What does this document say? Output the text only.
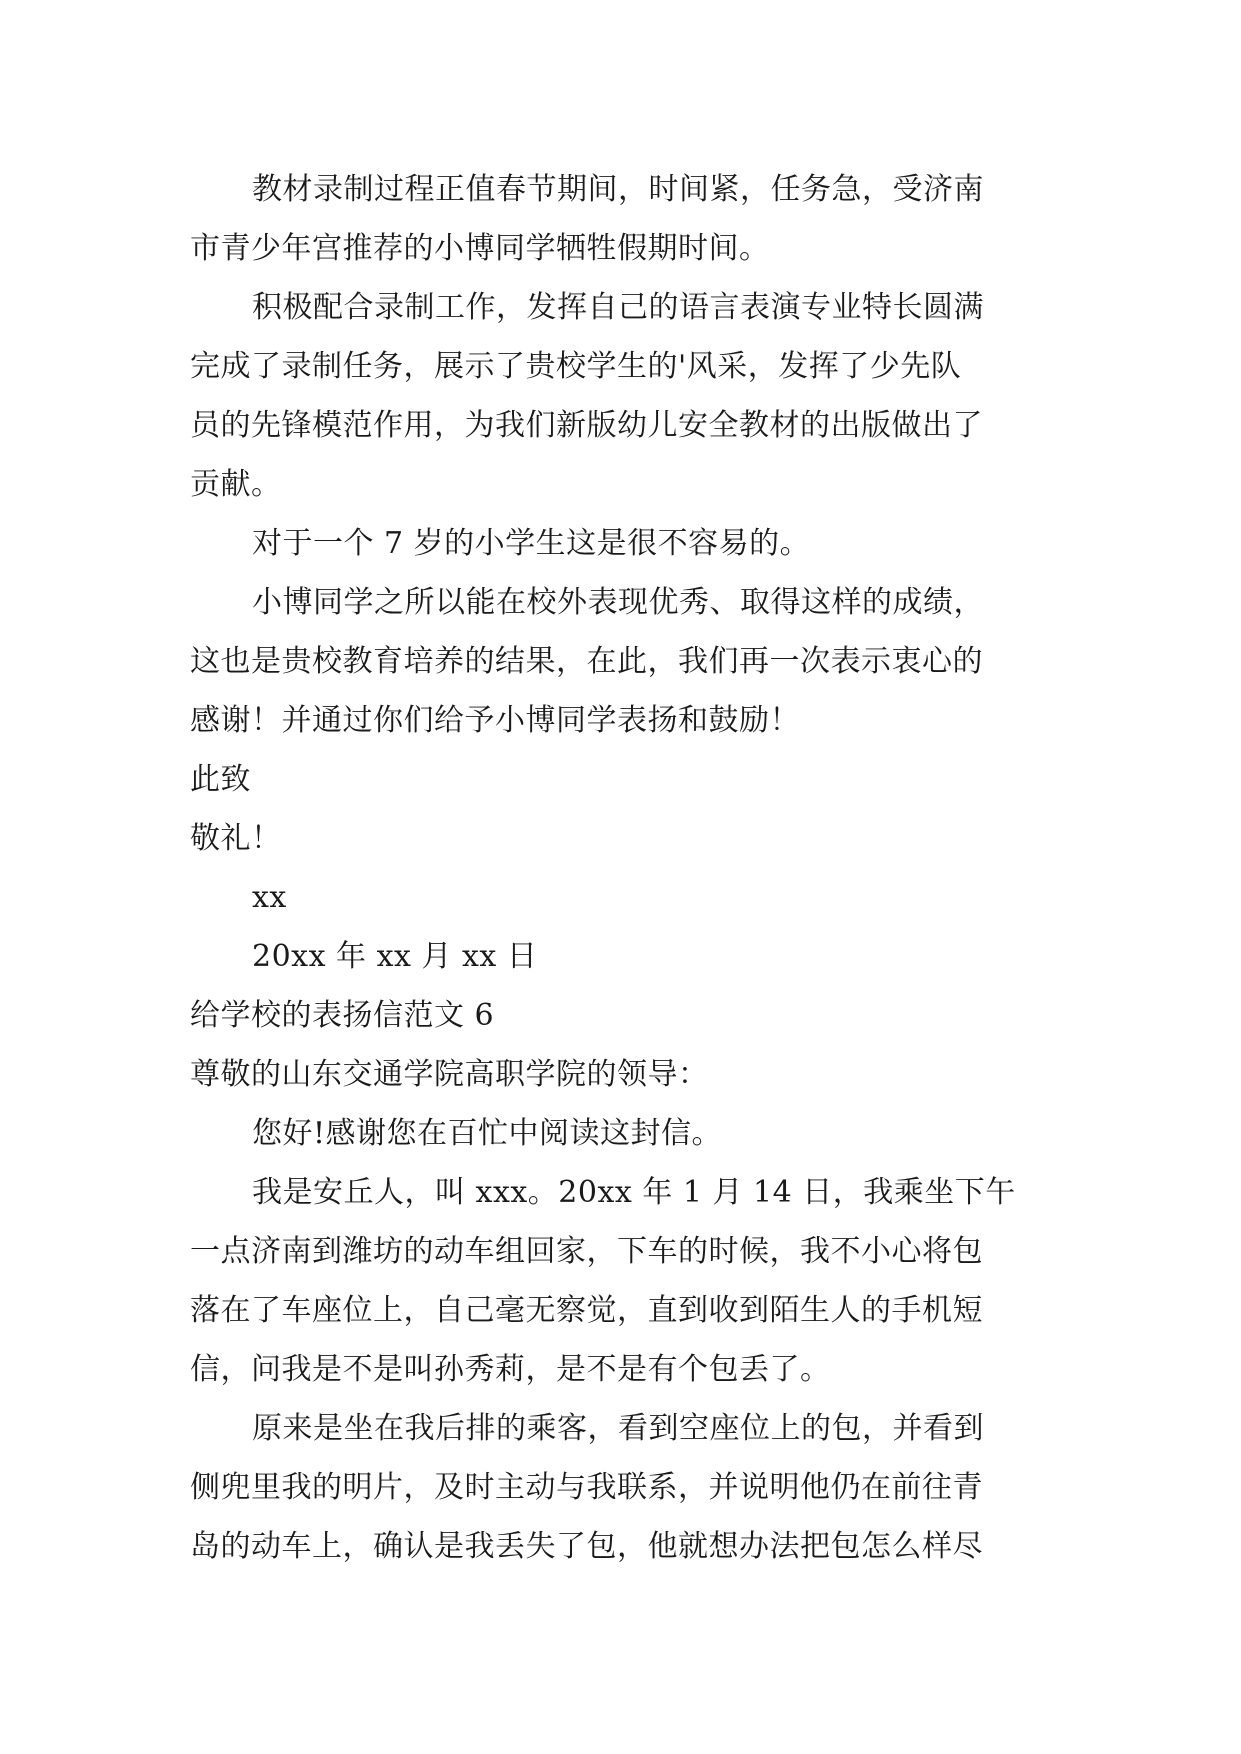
教材录制过程正值春节期间，时间紧，任务急，受济南
市青少年宫推荐的小博同学牺牲假期时间。
积极配合录制工作，发挥自己的语言表演专业特长圆满
完成了录制任务，展示了贵校学生的'风采，发挥了少先队
员的先锋模范作用，为我们新版幼儿安全教材的出版做出了
贡献。
对于一个 7 岁的小学生这是很不容易的。
小博同学之所以能在校外表现优秀、取得这样的成绩，
这也是贵校教育培养的结果，在此，我们再一次表示衷心的
感谢！并通过你们给予小博同学表扬和鼓励！
此致
敬礼！
xx
20xx 年 xx 月 xx 日
给学校的表扬信范文 6
尊敬的山东交通学院高职学院的领导：
您好!感谢您在百忙中阅读这封信。
我是安丘人，叫 xxx。20xx 年 1 月 14 日，我乘坐下午
一点济南到潍坊的动车组回家，下车的时候，我不小心将包
落在了车座位上，自己毫无察觉，直到收到陌生人的手机短
信，问我是不是叫孙秀莉，是不是有个包丢了。
原来是坐在我后排的乘客，看到空座位上的包，并看到
侧兜里我的明片，及时主动与我联系，并说明他仍在前往青
岛的动车上，确认是我丢失了包，他就想办法把包怎么样尽
